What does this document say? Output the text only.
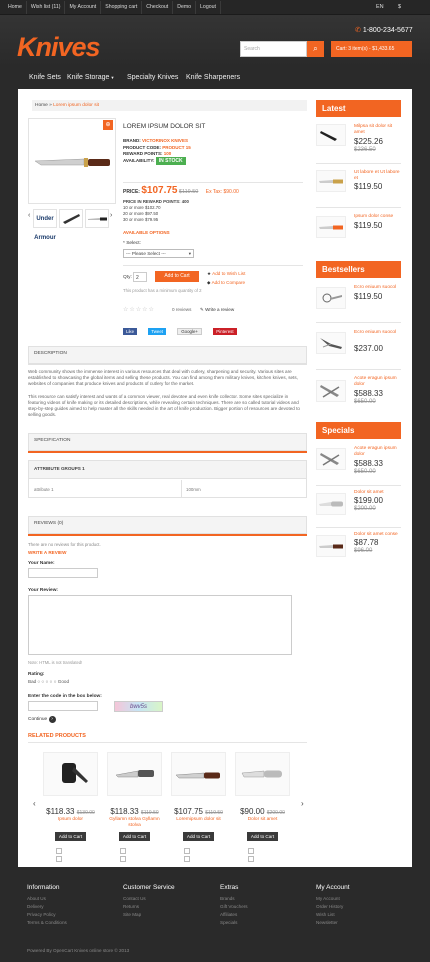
Home Wish list (11) My Account Shopping cart Checkout Demo Logout	EN	$
Knives
✆ 1-800-234-5677
Search	⌕	Cart: 3 item(s) - $1,433.65
Knife Sets Knife Storage ▼ Specialty Knives Knife Sharpeners
Home » Lorem ipsum dolor sit
⊕
‹ Under Armour
›
LOREM IPSUM DOLOR SIT
BRAND: VICTORINOX KNIVES
PRODUCT CODE: PRODUCT 15
REWARD POINTS: 100
AVAILABILITY: IN STOCK
PRICE: $107.75 $119.50 Ex Tax: $90.00
PRICE IN REWARD POINTS: 400
10 or more $102.70
20 or more $97.50
30 or more $79.95
AVAILABLE OPTIONS
* Select:
--- Please Select ---	▾
Qty: 2	Add to Cart	★ Add to Wish List
◆ Add to Compare
This product has a minimum quantity of 2
☆☆☆☆☆	0 reviews ✎ Write a review
Like	Tweet	Google+	Pinterest
DESCRIPTION
Web community shows the immense interest in various resources that deal with cutlery, sharpening and security. Various sites are established to showcasing the global items and selling these products. You can find among them military knives, kitchen knives, sets, websites of companies that produce knives and products of cutlery for the market.
This resource can satisfy interest and wants of a common viewer, real devotee and even knife collector. Some sites specialize in featuring videos of knife making or its detailed descriptions, while revealing certain techniques. There are so called tutorial videos and step-by-step guides aimed to help master all the skills needed in the art of knife production. Bigger portion of resources are devoted to selling goods.
SPECIFICATION
ATTRIBUTE GROUPS 1
attribute 1	100mm
REVIEWS (0)
There are no reviews for this product.
WRITE A REVIEW
Your Name:
Your Review:
Note: HTML is not translated!
Rating:
Bad ○ ○ ○ ○ ○ Good
Enter the code in the box below:
bwv5s
Continue ›
RELATED PRODUCTS
‹	›
$118.33 $130.00
Ipsum dolor
Add to Cart
$118.33 $119.50
Gyllamn stolva Gyllamn stolva
Add to Cart
$107.75 $119.50
Loremipsum dolor sit
Add to Cart
$90.00 $200.00
Dolor sit amet
Add to Cart
Latest
Milpsa sit dolor sit amet
$225.26
$236.50
Ut labore et Ut labore et
$119.50
Ipsum dolor conse
$119.50
Bestsellers
Ecro eniuum suocol
$119.50
Ecro eniuum suocol
$237.00
Acote eragun ipsum dolor
$588.33
$650.00
Specials
Acote eragun ipsum dolor
$588.33
$650.00
Dolor sit amet
$199.00
$200.00
Dolor sit amet conse
$87.78
$96.00
Information
About Us
Delivery
Privacy Policy
Terms & Conditions
Customer Service
Contact Us
Returns
Site Map
Extras
Brands
Gift Vouchers
Affiliates
Specials
My Account
My Account
Order History
Wish List
Newsletter
Powered By OpenCart Knives online store © 2013
